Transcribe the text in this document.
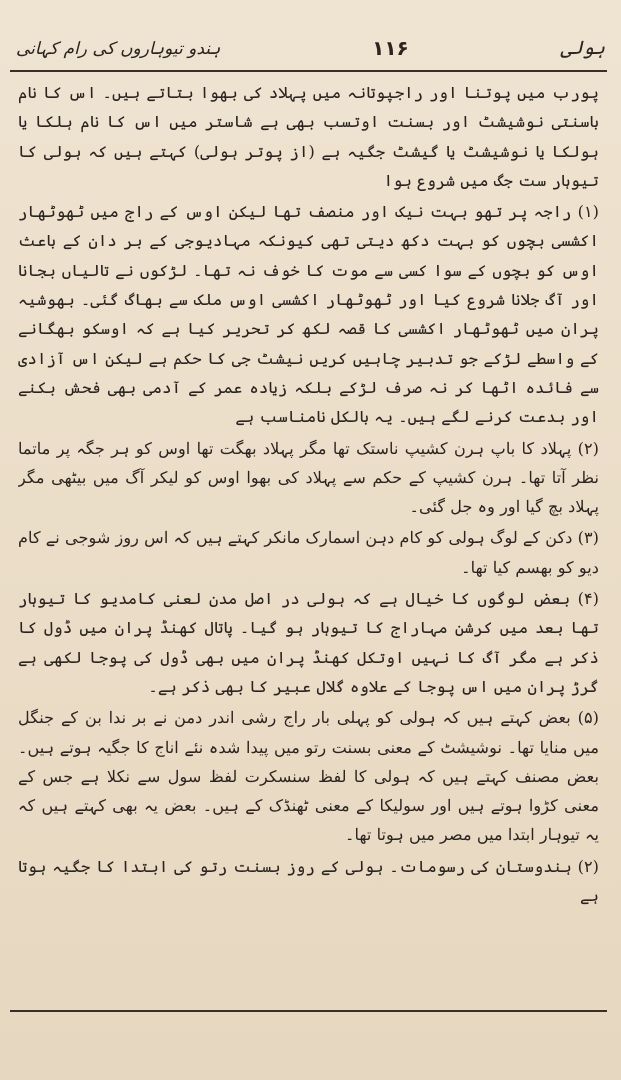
ہندو تیوہاروں کی رام کہانی	۱۱۶	ہولی

پورب میں پوتنا اور راجپوتانہ میں پہلاد کی بھوا بتاتے ہیں۔ اس کا نام باسنتی نوشیشٹ اور بسنت اوتسب بھی ہے شاستر میں اس کا نام ہلکا یا ہولکا یا نوشیشٹ یا گیشٹ جگیہ ہے (از پوتر ہولی) کہتے ہیں کہ ہولی کا تیوہار ست جگ میں شروع ہوا

(۱) راجہ پر تھو بہت نیک اور منصف تھا لیکن اوس کے راج میں ٹھوٹھار اکشسی بچوں کو بہت دکھ دیتی تھی کیونکہ مہادیوجی کے بر دان کے باعث اوس کو بچوں کے سوا کسی سے موت کا خوف نہ تھا۔ لڑکوں نے تالیاں بجانا اور آگ جلانا شروع کیا اور ٹھوٹھار اکشسی اوس ملک سے بھاگ گئی۔ بھوشیہ پران میں ٹھوٹھار اکشسی کا قصہ لکھ کر تحریر کیا ہے کہ اوسکو بھگانے کے واسطے لڑکے جو تدبیر چاہیں کریں نیشٹ جی کا حکم ہے لیکن اس آزادی سے فائدہ اٹھا کر نہ صرف لڑکے بلکہ زیادہ عمر کے آدمی بھی فحش بکنے اور بدعت کرنے لگے ہیں۔ یہ بالکل نامناسب ہے

(۲) پہلاد کا باپ ہرن کشیپ ناستک تھا مگر پہلاد بھگت تھا اوس کو ہر جگہ پر ماتما نظر آتا تھا۔ ہرن کشیپ کے حکم سے پہلاد کی بھوا اوس کو لیکر آگ میں بیٹھی مگر پہلاد بچ گیا اور وہ جل گئی۔

(۳) دکن کے لوگ ہولی کو کام دہن اسمارک مانکر کہتے ہیں کہ اس روز شوجی نے کام دیو کو بھسم کیا تھا۔

(۴) بعض لوگوں کا خیال ہے کہ ہولی در اصل مدن لعنی کامدیو کا تیوہار تھا بعد میں کرشن مہاراج کا تیوہار ہو گیا۔ پاتال کھنڈ پران میں ڈول کا ذکر ہے مگر آگ کا نہیں اوتکل کھنڈ پران میں بھی ڈول کی پوجا لکھی ہے گرڑ پران میں اس پوجا کے علاوہ گلال عبیر کا بھی ذکر ہے۔

(۵) بعض کہتے ہیں کہ ہولی کو پہلی بار راج رشی اندر دمن نے بر ندا بن کے جنگل میں منایا تھا۔ نوشیشٹ کے معنی بسنت رتو میں پیدا شدہ نئے اناج کا جگیہ ہوتے ہیں۔ بعض مصنف کہتے ہیں کہ ہولی کا لفظ سنسکرت لفظ سول سے نکلا ہے جس کے معنی کڑوا ہوتے ہیں اور سولیکا کے معنی ٹھنڈک کے ہیں۔ بعض یہ بھی کہتے ہیں کہ یہ تیوہار ابتدا میں مصر میں ہوتا تھا۔

(۲) ہندوستان کی رسومات۔ ہولی کے روز بسنت رتو کی ابتدا کا جگیہ ہوتا ہے
